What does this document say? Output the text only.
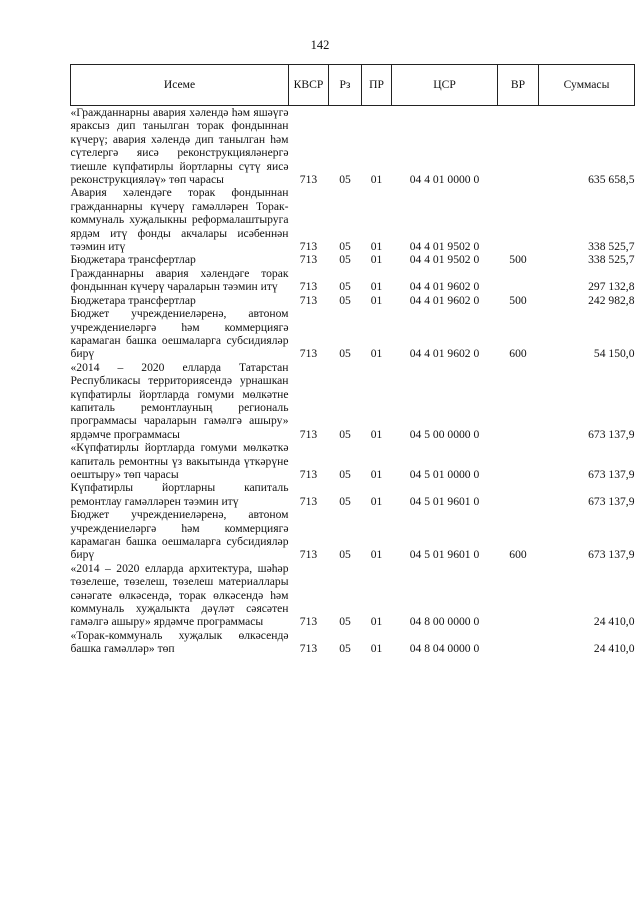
142
Исеме	КВСР	Рз	ПР	ЦСР	ВР	Суммасы
«Гражданнарны авария хәлендә һәм яшәүгә яраксыз дип танылган торак фондыннан күчерү; авария хәлендә дип танылган һәм сүтелергә яисә реконструкцияләнергә тиешле күпфатирлы йортларны сүтү яисә реконструкцияләү» төп чарасы	713	05	01	04 4 01 0000 0		635 658,5
Авария хәлендәге торак фондыннан гражданнарны күчерү гамәлләрен Торак-коммуналь хуҗалыкны реформалаштыруга ярдәм итү фонды акчалары исәбеннән тәэмин итү	713	05	01	04 4 01 9502 0		338 525,7
Бюджетара трансфертлар	713	05	01	04 4 01 9502 0	500	338 525,7
Гражданнарны авария хәлендәге торак фондыннан күчерү чараларын тәэмин итү	713	05	01	04 4 01 9602 0		297 132,8
Бюджетара трансфертлар	713	05	01	04 4 01 9602 0	500	242 982,8
Бюджет учреждениеләренә, автоном учреждениеләргә һәм коммерциягә карамаган башка оешмаларга субсидияләр бирү	713	05	01	04 4 01 9602 0	600	54 150,0
«2014 – 2020 елларда Татарстан Республикасы территориясендә урнашкан күпфатирлы йортларда гомуми мөлкәтне капиталь ремонтлауның региональ программасы чараларын гамәлгә ашыру» ярдәмче программасы	713	05	01	04 5 00 0000 0		673 137,9
«Күпфатирлы йортларда гомуми мөлкәткә капиталь ремонтны үз вакытында үткәрүне оештыру» төп чарасы	713	05	01	04 5 01 0000 0		673 137,9
Күпфатирлы йортларны капиталь ремонтлау гамәлләрен тәэмин итү	713	05	01	04 5 01 9601 0		673 137,9
Бюджет учреждениеләренә, автоном учреждениеләргә һәм коммерциягә карамаган башка оешмаларга субсидияләр бирү	713	05	01	04 5 01 9601 0	600	673 137,9
«2014 – 2020 елларда архитектура, шәһәр төзелеше, төзелеш, төзелеш материаллары сәнәгате өлкәсендә, торак өлкәсендә һәм коммуналь хуҗалыкта дәүләт сәясәтен гамәлгә ашыру» ярдәмче программасы	713	05	01	04 8 00 0000 0		24 410,0
«Торак-коммуналь хуҗалык өлкәсендә башка гамәлләр» төп	713	05	01	04 8 04 0000 0		24 410,0
